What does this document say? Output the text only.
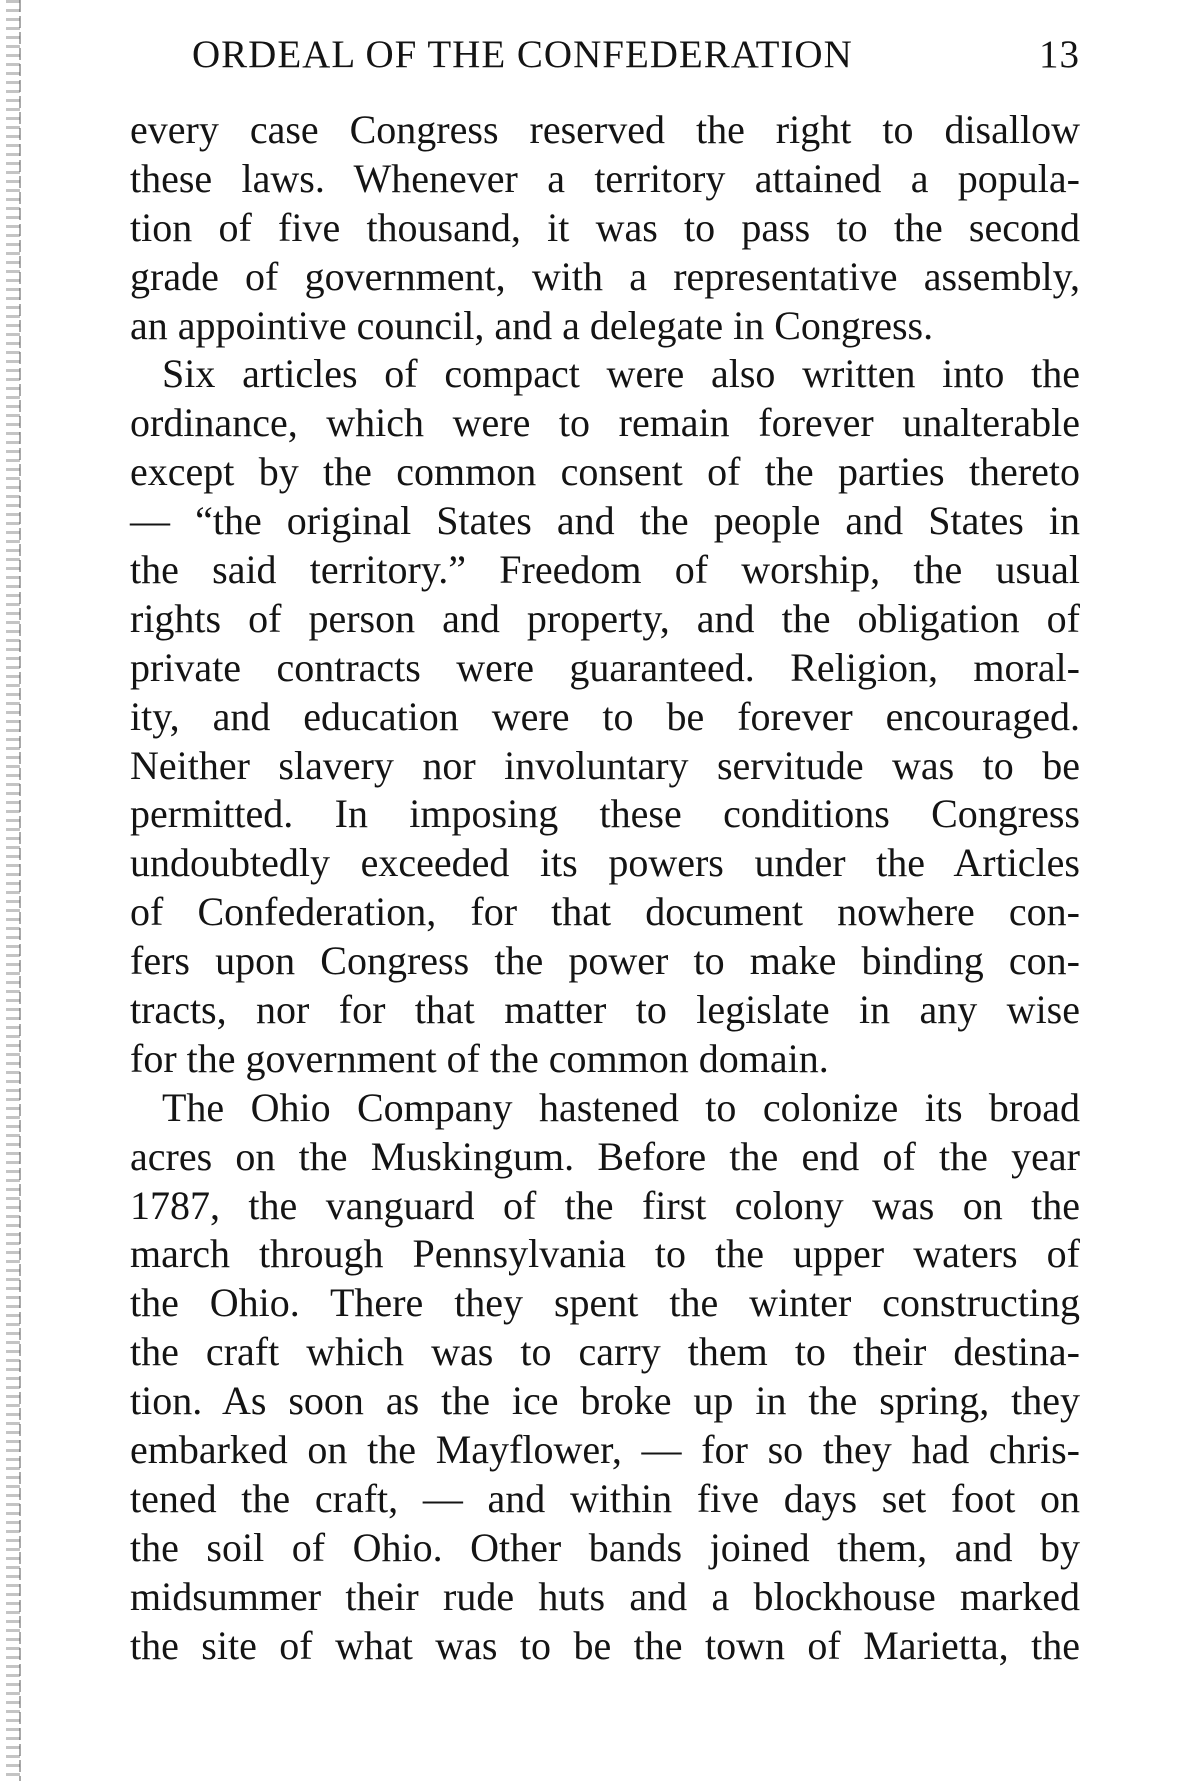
ORDEAL OF THE CONFEDERATION	13
every case Congress reserved the right to disallow
these laws. Whenever a territory attained a popula-
tion of five thousand, it was to pass to the second
grade of government, with a representative assembly,
an appointive council, and a delegate in Congress.
Six articles of compact were also written into the
ordinance, which were to remain forever unalterable
except by the common consent of the parties thereto
— “the original States and the people and States in
the said territory.” Freedom of worship, the usual
rights of person and property, and the obligation of
private contracts were guaranteed. Religion, moral-
ity, and education were to be forever encouraged.
Neither slavery nor involuntary servitude was to be
permitted. In imposing these conditions Congress
undoubtedly exceeded its powers under the Articles
of Confederation, for that document nowhere con-
fers upon Congress the power to make binding con-
tracts, nor for that matter to legislate in any wise
for the government of the common domain.
The Ohio Company hastened to colonize its broad
acres on the Muskingum. Before the end of the year
1787, the vanguard of the first colony was on the
march through Pennsylvania to the upper waters of
the Ohio. There they spent the winter constructing
the craft which was to carry them to their destina-
tion. As soon as the ice broke up in the spring, they
embarked on the Mayflower, — for so they had chris-
tened the craft, — and within five days set foot on
the soil of Ohio. Other bands joined them, and by
midsummer their rude huts and a blockhouse marked
the site of what was to be the town of Marietta, the
